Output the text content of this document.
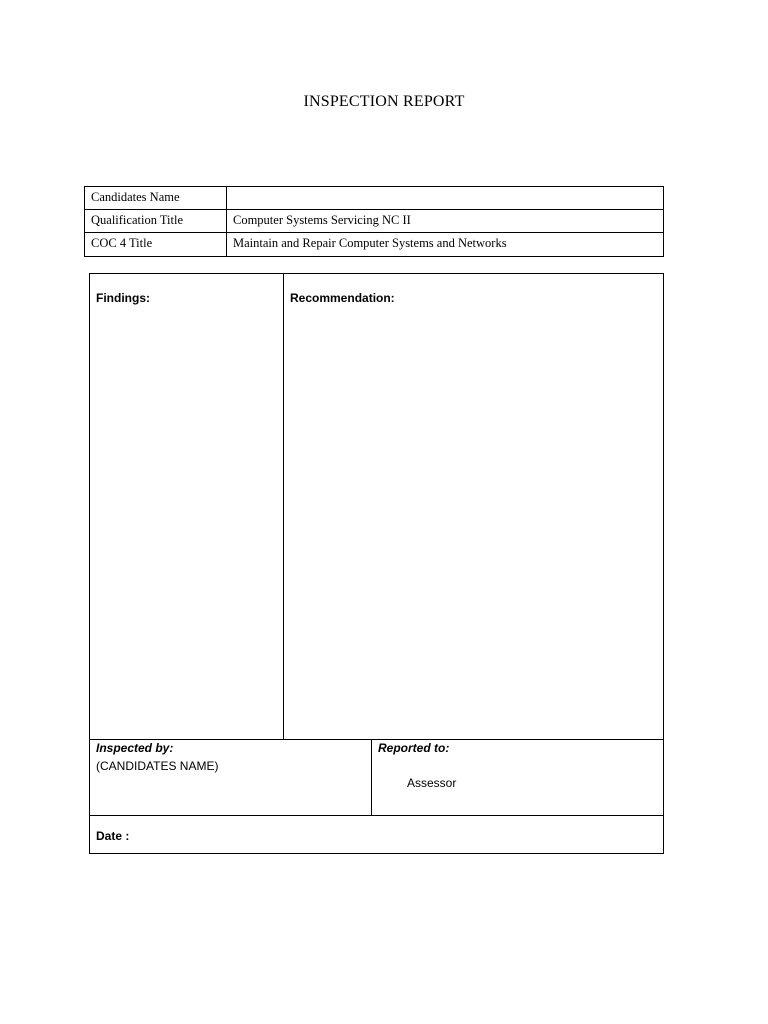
INSPECTION REPORT
Candidates Name
Qualification Title	Computer Systems Servicing NC II
COC 4 Title	Maintain and Repair Computer Systems and Networks
Findings:	Recommendation:
Inspected by:
(CANDIDATES NAME)
Reported to:
Assessor
Date :
